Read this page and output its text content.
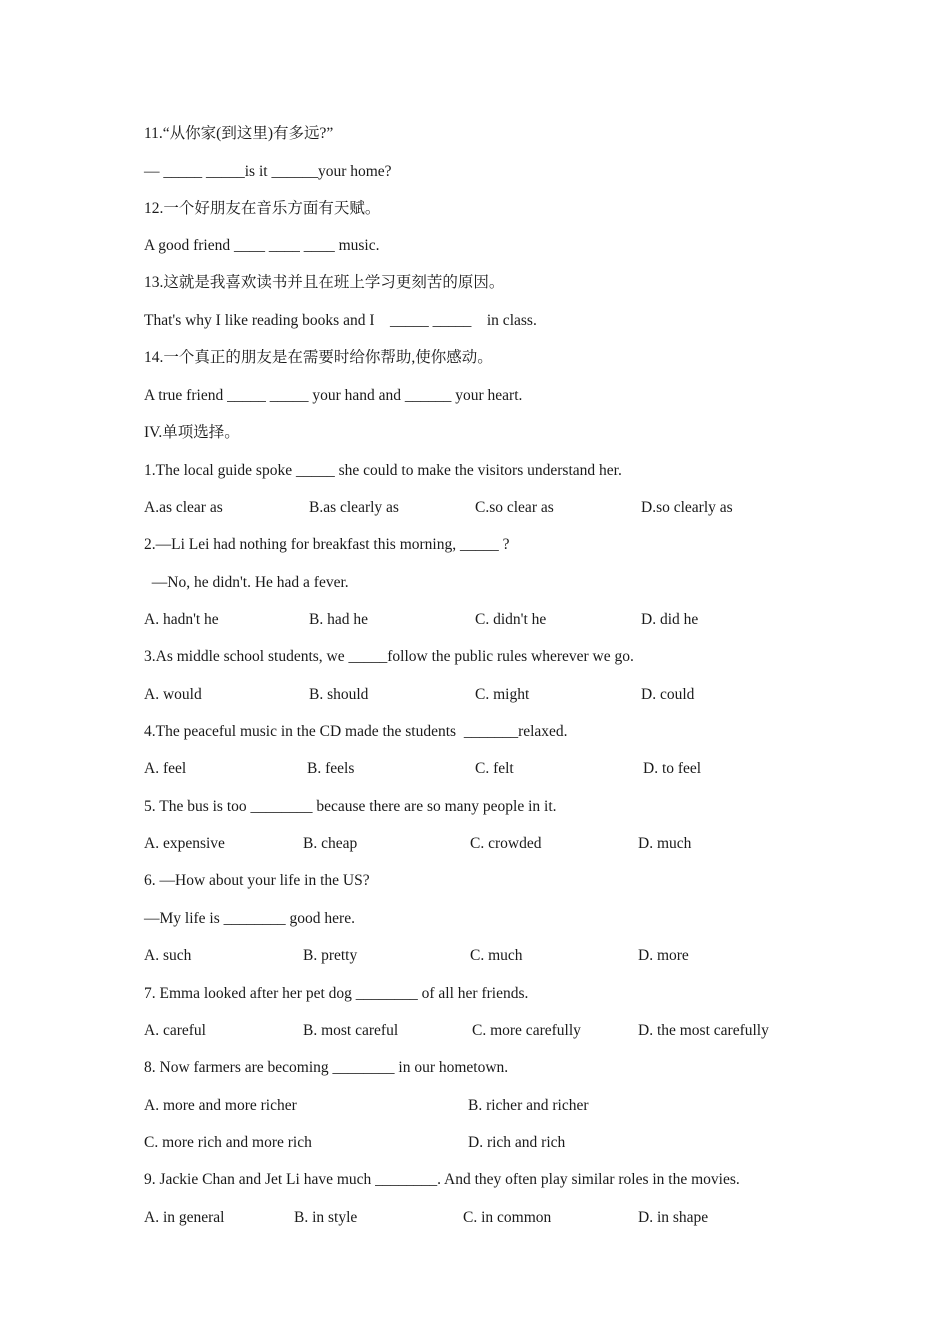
11.“从你家(到这里)有多远?”
— _____ _____is it ______your home?
12.一个好朋友在音乐方面有天赋。
A good friend ____ ____ ____ music.
13.这就是我喜欢读书并且在班上学习更刻苦的原因。
That's why I like reading books and I    _____ _____    in class.
14.一个真正的朋友是在需要时给你帮助,使你感动。
A true friend _____ _____ your hand and ______ your heart.
IV.单项选择。
1.The local guide spoke _____ she could to make the visitors understand her.
A.as clear as	B.as clearly as	C.so clear as	D.so clearly as
2.—Li Lei had nothing for breakfast this morning, _____ ?
—No, he didn't. He had a fever.
A. hadn't he	B. had he	C. didn't he	D. did he
3.As middle school students, we _____follow the public rules wherever we go.
A. would	B. should	C. might	D. could
4.The peaceful music in the CD made the students  _______relaxed.
A. feel	B. feels	C. felt	D. to feel
5. The bus is too ________ because there are so many people in it.
A. expensive	B. cheap	C. crowded	D. much
6. —How about your life in the US?
—My life is ________ good here.
A. such	B. pretty	C. much	D. more
7. Emma looked after her pet dog ________ of all her friends.
A. careful	B. most careful	C. more carefully	D. the most carefully
8. Now farmers are becoming ________ in our hometown.
A. more and more richer	B. richer and richer
C. more rich and more rich	D. rich and rich
9. Jackie Chan and Jet Li have much ________. And they often play similar roles in the movies.
A. in general	B. in style	C. in common	D. in shape
